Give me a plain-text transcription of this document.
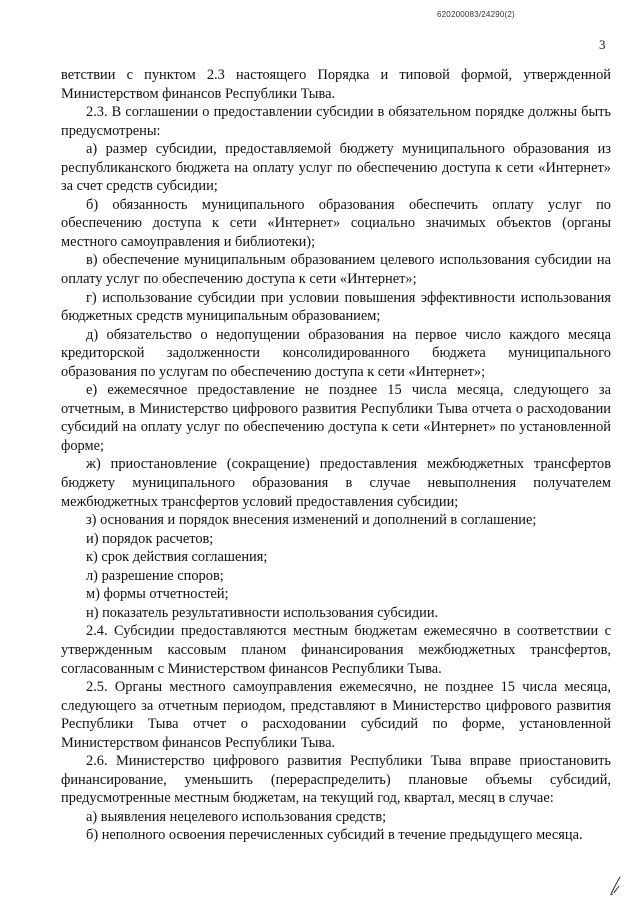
620200083/24290(2)
3

ветствии с пунктом 2.3 настоящего Порядка и типовой формой, утвержденной Министерством финансов Республики Тыва.

2.3. В соглашении о предоставлении субсидии в обязательном порядке должны быть предусмотрены:

а) размер субсидии, предоставляемой бюджету муниципального образования из республиканского бюджета на оплату услуг по обеспечению доступа к сети «Интернет» за счет средств субсидии;

б) обязанность муниципального образования обеспечить оплату услуг по обеспечению доступа к сети «Интернет» социально значимых объектов (органы местного самоуправления и библиотеки);

в) обеспечение муниципальным образованием целевого использования субсидии на оплату услуг по обеспечению доступа к сети «Интернет»;

г) использование субсидии при условии повышения эффективности использования бюджетных средств муниципальным образованием;

д) обязательство о недопущении образования на первое число каждого месяца кредиторской задолженности консолидированного бюджета муниципального образования по услугам по обеспечению доступа к сети «Интернет»;

е) ежемесячное предоставление не позднее 15 числа месяца, следующего за отчетным, в Министерство цифрового развития Республики Тыва отчета о расходовании субсидий на оплату услуг по обеспечению доступа к сети «Интернет» по установленной форме;

ж) приостановление (сокращение) предоставления межбюджетных трансфертов бюджету муниципального образования в случае невыполнения получателем межбюджетных трансфертов условий предоставления субсидии;

з) основания и порядок внесения изменений и дополнений в соглашение;

и) порядок расчетов;

к) срок действия соглашения;

л) разрешение споров;

м) формы отчетностей;

н) показатель результативности использования субсидии.

2.4. Субсидии предоставляются местным бюджетам ежемесячно в соответствии с утвержденным кассовым планом финансирования межбюджетных трансфертов, согласованным с Министерством финансов Республики Тыва.

2.5. Органы местного самоуправления ежемесячно, не позднее 15 числа месяца, следующего за отчетным периодом, представляют в Министерство цифрового развития Республики Тыва отчет о расходовании субсидий по форме, установленной Министерством финансов Республики Тыва.

2.6. Министерство цифрового развития Республики Тыва вправе приостановить финансирование, уменьшить (перераспределить) плановые объемы субсидий, предусмотренные местным бюджетам, на текущий год, квартал, месяц в случае:

а) выявления нецелевого использования средств;

б) неполного освоения перечисленных субсидий в течение предыдущего месяца.
